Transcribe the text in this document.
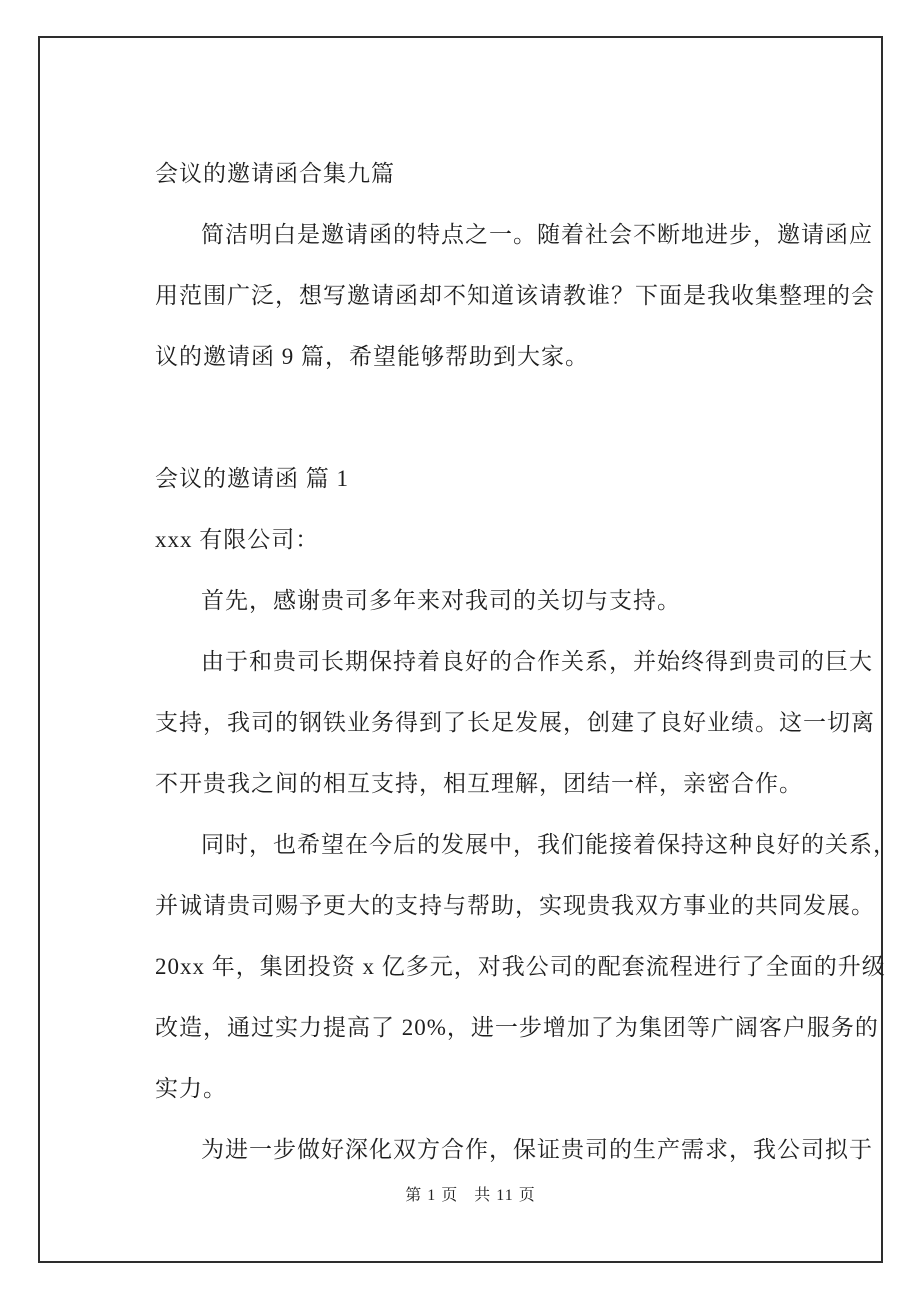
会议的邀请函合集九篇
简洁明白是邀请函的特点之一。随着社会不断地进步，邀请函应
用范围广泛，想写邀请函却不知道该请教谁？下面是我收集整理的会
议的邀请函 9 篇，希望能够帮助到大家。
会议的邀请函 篇 1
xxx 有限公司：
首先，感谢贵司多年来对我司的关切与支持。
由于和贵司长期保持着良好的合作关系，并始终得到贵司的巨大
支持，我司的钢铁业务得到了长足发展，创建了良好业绩。这一切离
不开贵我之间的相互支持，相互理解，团结一样，亲密合作。
同时，也希望在今后的发展中，我们能接着保持这种良好的关系，
并诚请贵司赐予更大的支持与帮助，实现贵我双方事业的共同发展。
20xx 年，集团投资 x 亿多元，对我公司的配套流程进行了全面的升级
改造，通过实力提高了 20%，进一步增加了为集团等广阔客户服务的
实力。
为进一步做好深化双方合作，保证贵司的生产需求，我公司拟于

第 1 页 共 11 页
